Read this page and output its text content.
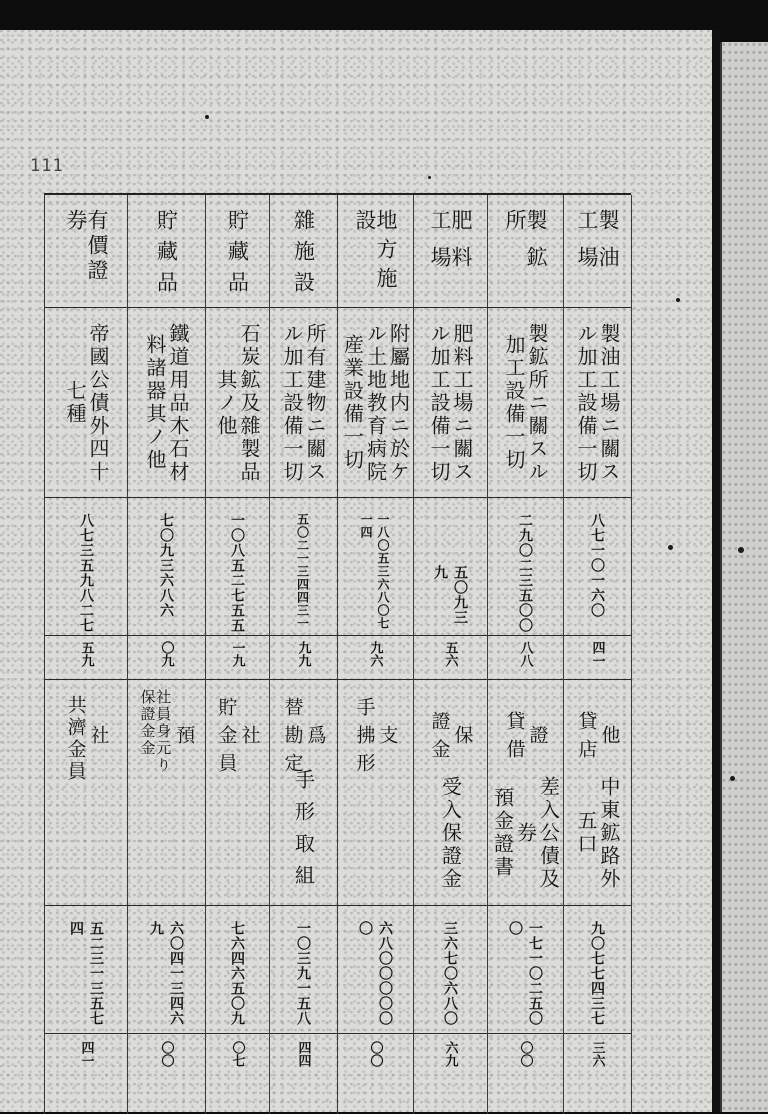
111
製油工場
製油工場ニ關ス
ル加工設備一切
八七一〇一六〇
四一
他
貸店
中東鉱路外
五口
九〇七七四三七
三六
製鉱所
製鉱所ニ關スル
加工設備一切
二九〇二三五〇〇
八八
證
貸借
差入公債及
券
預金證書
一七一〇二五〇〇
〇〇
肥料工場
肥料工場ニ關ス
ル加工設備一切
五〇九三九
五六
保
證金
受入保證金
三六七〇六八〇
六九
地方施設
附屬地内ニ於ケ
ル土地教育病院
産業設備一切
一八〇五三六八〇七一四
九六
支
手拂形
六八〇〇〇〇〇〇
〇〇
雜施設
所有建物ニ關ス
ル加工設備一切
五〇二一三四四三一
九九
爲
替勘定
手形取組
一〇三九一五八
四四
貯藏品
石炭鉱及雜製品
其ノ他
一〇八五二七五五
一九
社
貯金員
七六四六五〇九
〇七
貯藏品
鐵道用品木石材
料諸器其ノ他
七〇九三六八六
〇九
預
社員身元り保證金金
六〇四一三四六九
〇〇
有價證券
帝國公債外四十
七種
八七三五九八二七
五九
社
共濟金員
五二三一三五七四
四一
